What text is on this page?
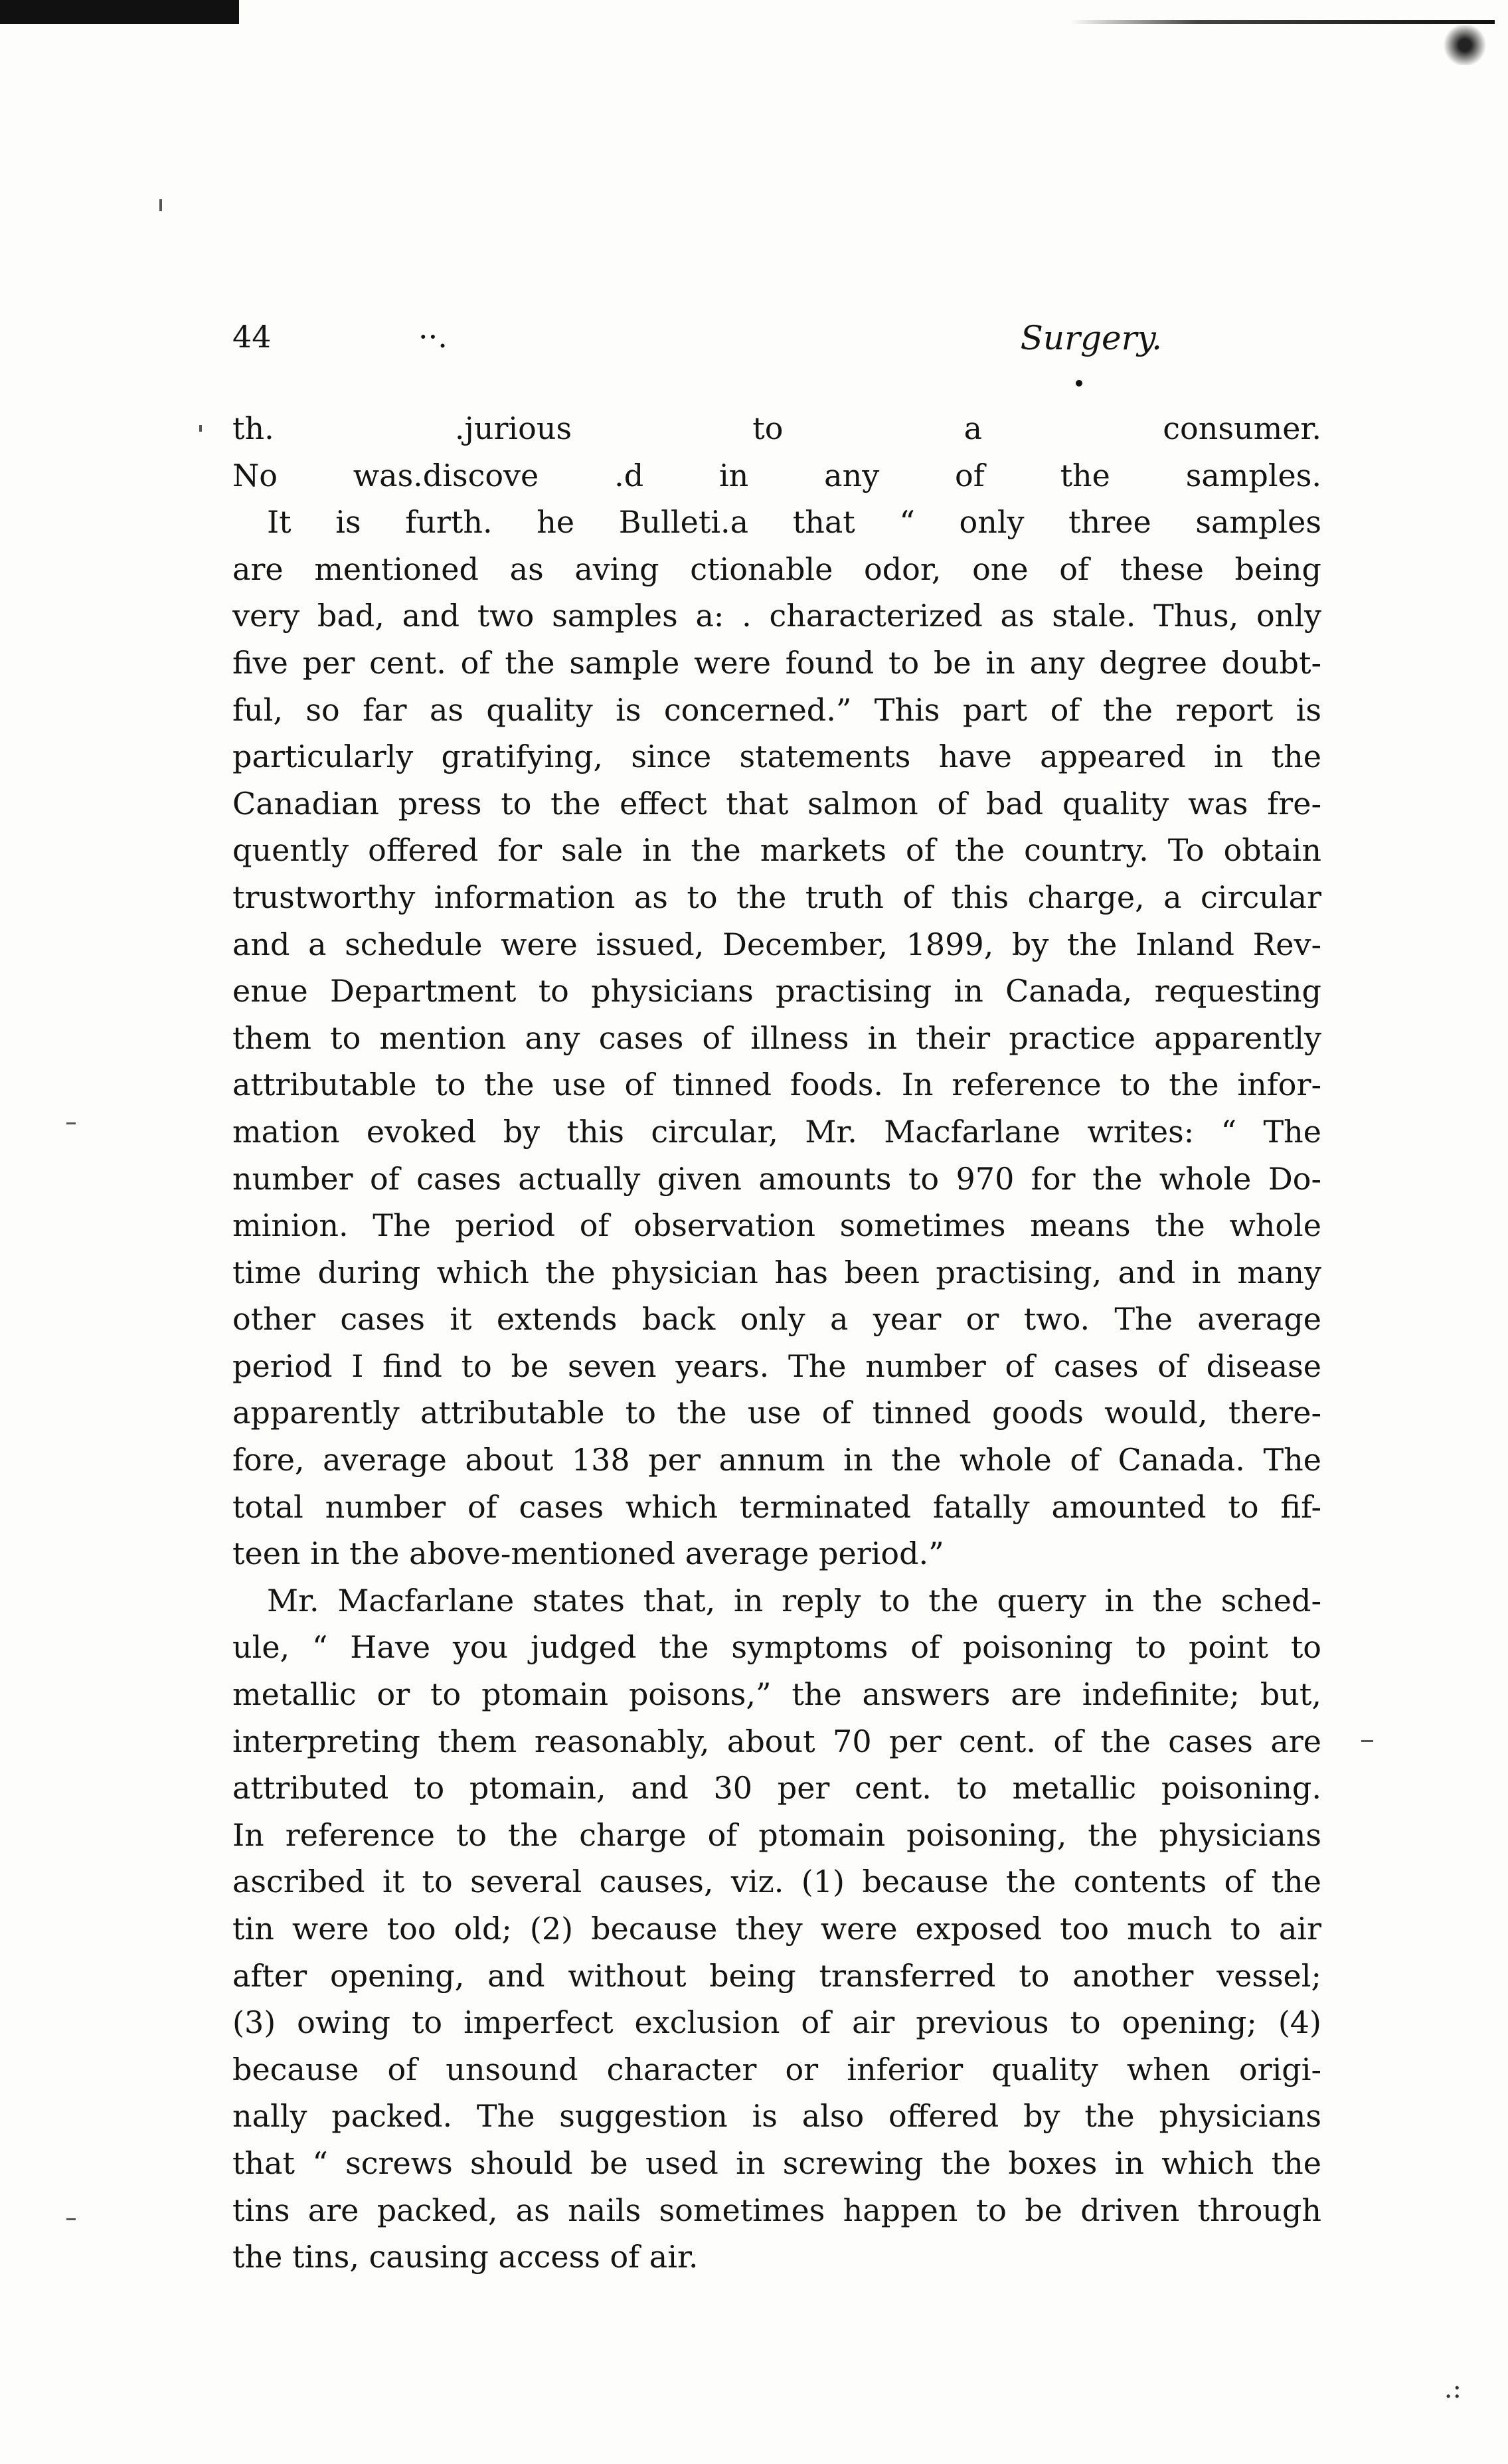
44	··.	Surgery.
th. .jurious to a consumer.
No was.discove .d in any of the samples.
It is furth. he Bulleti.a that “ only three samples
are mentioned as aving ctionable odor, one of these being
very bad, and two samples a: . characterized as stale. Thus, only
five per cent. of the sample were found to be in any degree doubt-
ful, so far as quality is concerned.” This part of the report is
particularly gratifying, since statements have appeared in the
Canadian press to the effect that salmon of bad quality was fre-
quently offered for sale in the markets of the country. To obtain
trustworthy information as to the truth of this charge, a circular
and a schedule were issued, December, 1899, by the Inland Rev-
enue Department to physicians practising in Canada, requesting
them to mention any cases of illness in their practice apparently
attributable to the use of tinned foods. In reference to the infor-
mation evoked by this circular, Mr. Macfarlane writes: “ The
number of cases actually given amounts to 970 for the whole Do-
minion. The period of observation sometimes means the whole
time during which the physician has been practising, and in many
other cases it extends back only a year or two. The average
period I find to be seven years. The number of cases of disease
apparently attributable to the use of tinned goods would, there-
fore, average about 138 per annum in the whole of Canada. The
total number of cases which terminated fatally amounted to fif-
teen in the above-mentioned average period.”
Mr. Macfarlane states that, in reply to the query in the sched-
ule, “ Have you judged the symptoms of poisoning to point to
metallic or to ptomain poisons,” the answers are indefinite; but,
interpreting them reasonably, about 70 per cent. of the cases are
attributed to ptomain, and 30 per cent. to metallic poisoning.
In reference to the charge of ptomain poisoning, the physicians
ascribed it to several causes, viz. (1) because the contents of the
tin were too old; (2) because they were exposed too much to air
after opening, and without being transferred to another vessel;
(3) owing to imperfect exclusion of air previous to opening; (4)
because of unsound character or inferior quality when origi-
nally packed. The suggestion is also offered by the physicians
that “ screws should be used in screwing the boxes in which the
tins are packed, as nails sometimes happen to be driven through
the tins, causing access of air.
.:
